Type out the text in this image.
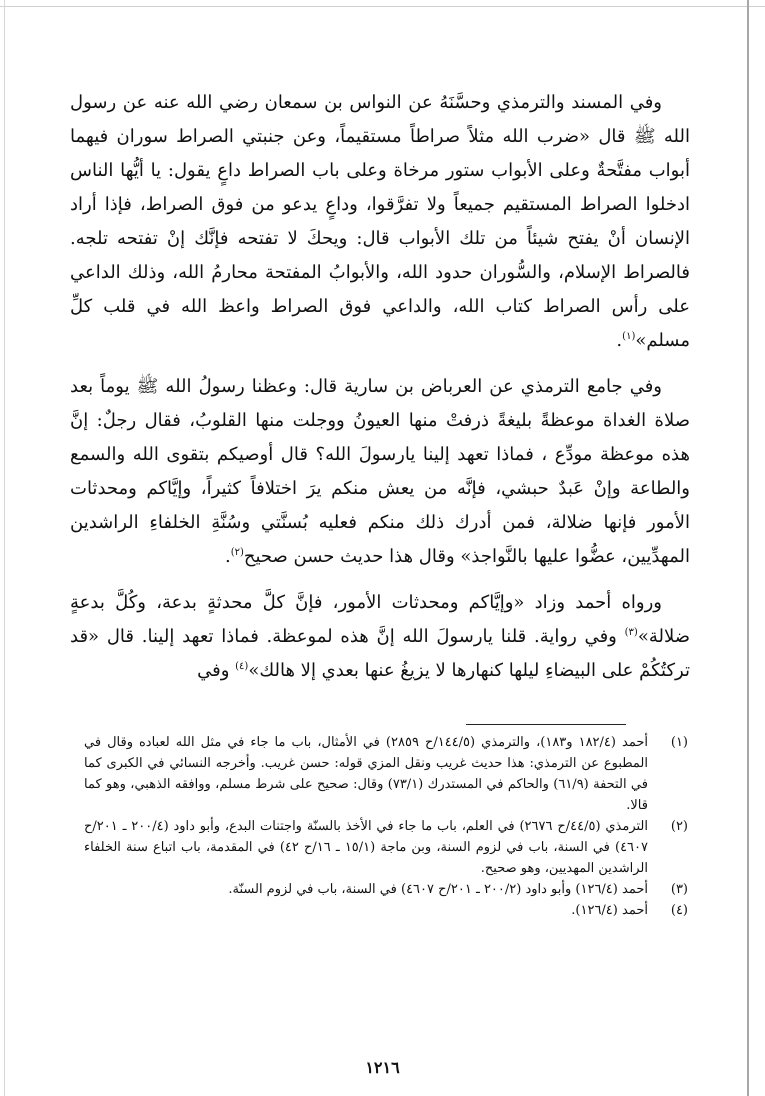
وفي المسند والترمذي وحسَّنَهُ عن النواس بن سمعان رضي الله عنه عن رسول الله ﷺ قال «ضرب الله مثلاً صراطاً مستقيماً، وعن جنبتي الصراط سوران فيهما أبواب مفتَّحةٌ وعلى الأبواب ستور مرخاة وعلى باب الصراط داعٍ يقول: يا أيُّها الناس ادخلوا الصراط المستقيم جميعاً ولا تفرَّقوا، وداعٍ يدعو من فوق الصراط، فإذا أراد الإنسان أنْ يفتح شيئاً من تلك الأبواب قال: ويحكَ لا تفتحه فإنَّك إنْ تفتحه تلجه. فالصراط الإسلام، والسُّوران حدود الله، والأبوابُ المفتحة محارمُ الله، وذلك الداعي على رأس الصراط كتاب الله، والداعي فوق الصراط واعظ الله في قلب كلِّ مسلم»$^{(١)}$.

وفي جامع الترمذي عن العرباض بن سارية قال: وعظنا رسولُ الله ﷺ يوماً بعد صلاة الغداة موعظةً بليغةً ذرفتْ منها العيونُ ووجلت منها القلوبُ، فقال رجلٌ: إنَّ هذه موعظة مودِّع ، فماذا تعهد إلينا يارسولَ الله؟ قال أوصيكم بتقوى الله والسمع والطاعة وإنْ عَبدٌ حبشي، فإنَّه من يعش منكم يرَ اختلافاً كثيراً، وإيَّاكم ومحدثات الأمور فإنها ضلالة، فمن أدرك ذلك منكم فعليه بُسنَّتي وسُنَّةِ الخلفاءِ الراشدين المهدِّيين، عضُّوا عليها بالنَّواجذ» وقال هذا حديث حسن صحيح$^{(٢)}$.

ورواه أحمد وزاد «وإيَّاكم ومحدثات الأمور، فإنَّ كلَّ محدثةٍ بدعة، وكُلَّ بدعةٍ ضلالة»$^{(٣)}$ وفي رواية. قلنا يارسولَ الله إنَّ هذه لموعظة. فماذا تعهد إلينا. قال «قد تركتُكُمْ على البيضاءِ ليلها كنهارها لا يزيغُ عنها بعدي إلا هالك»$^{(٤)}$ وفي

(١)
أحمد (١٨٢/٤ و١٨٣)، والترمذي (١٤٤/٥/ح ٢٨٥٩) في الأمثال، باب ما جاء في مثل الله لعباده وقال في المطبوع عن الترمذي: هذا حديث غريب ونقل المزي قوله: حسن غريب. وأخرجه النسائي في الكبرى كما في التحفة (٦١/٩) والحاكم في المستدرك (٧٣/١) وقال: صحيح على شرط مسلم، ووافقه الذهبي، وهو كما قالا.
(٢)
الترمذي (٤٤/٥/ح ٢٦٧٦) في العلم، باب ما جاء في الأخذ بالسنّة واجتنات البدع، وأبو داود (٢٠٠/٤ ـ ٢٠١/ح ٤٦٠٧) في السنة، باب في لزوم السنة، وبن ماجة (١٥/١ ـ ١٦/ح ٤٢) في المقدمة، باب اتباع سنة الخلفاء الراشدين المهديين، وهو صحيح.
(٣)
أحمد (١٢٦/٤) وأبو داود (٢٠٠/٢ ـ ٢٠١/ح ٤٦٠٧) في السنة، باب في لزوم السنّة.
(٤)
أحمد (١٢٦/٤).
١٢١٦
